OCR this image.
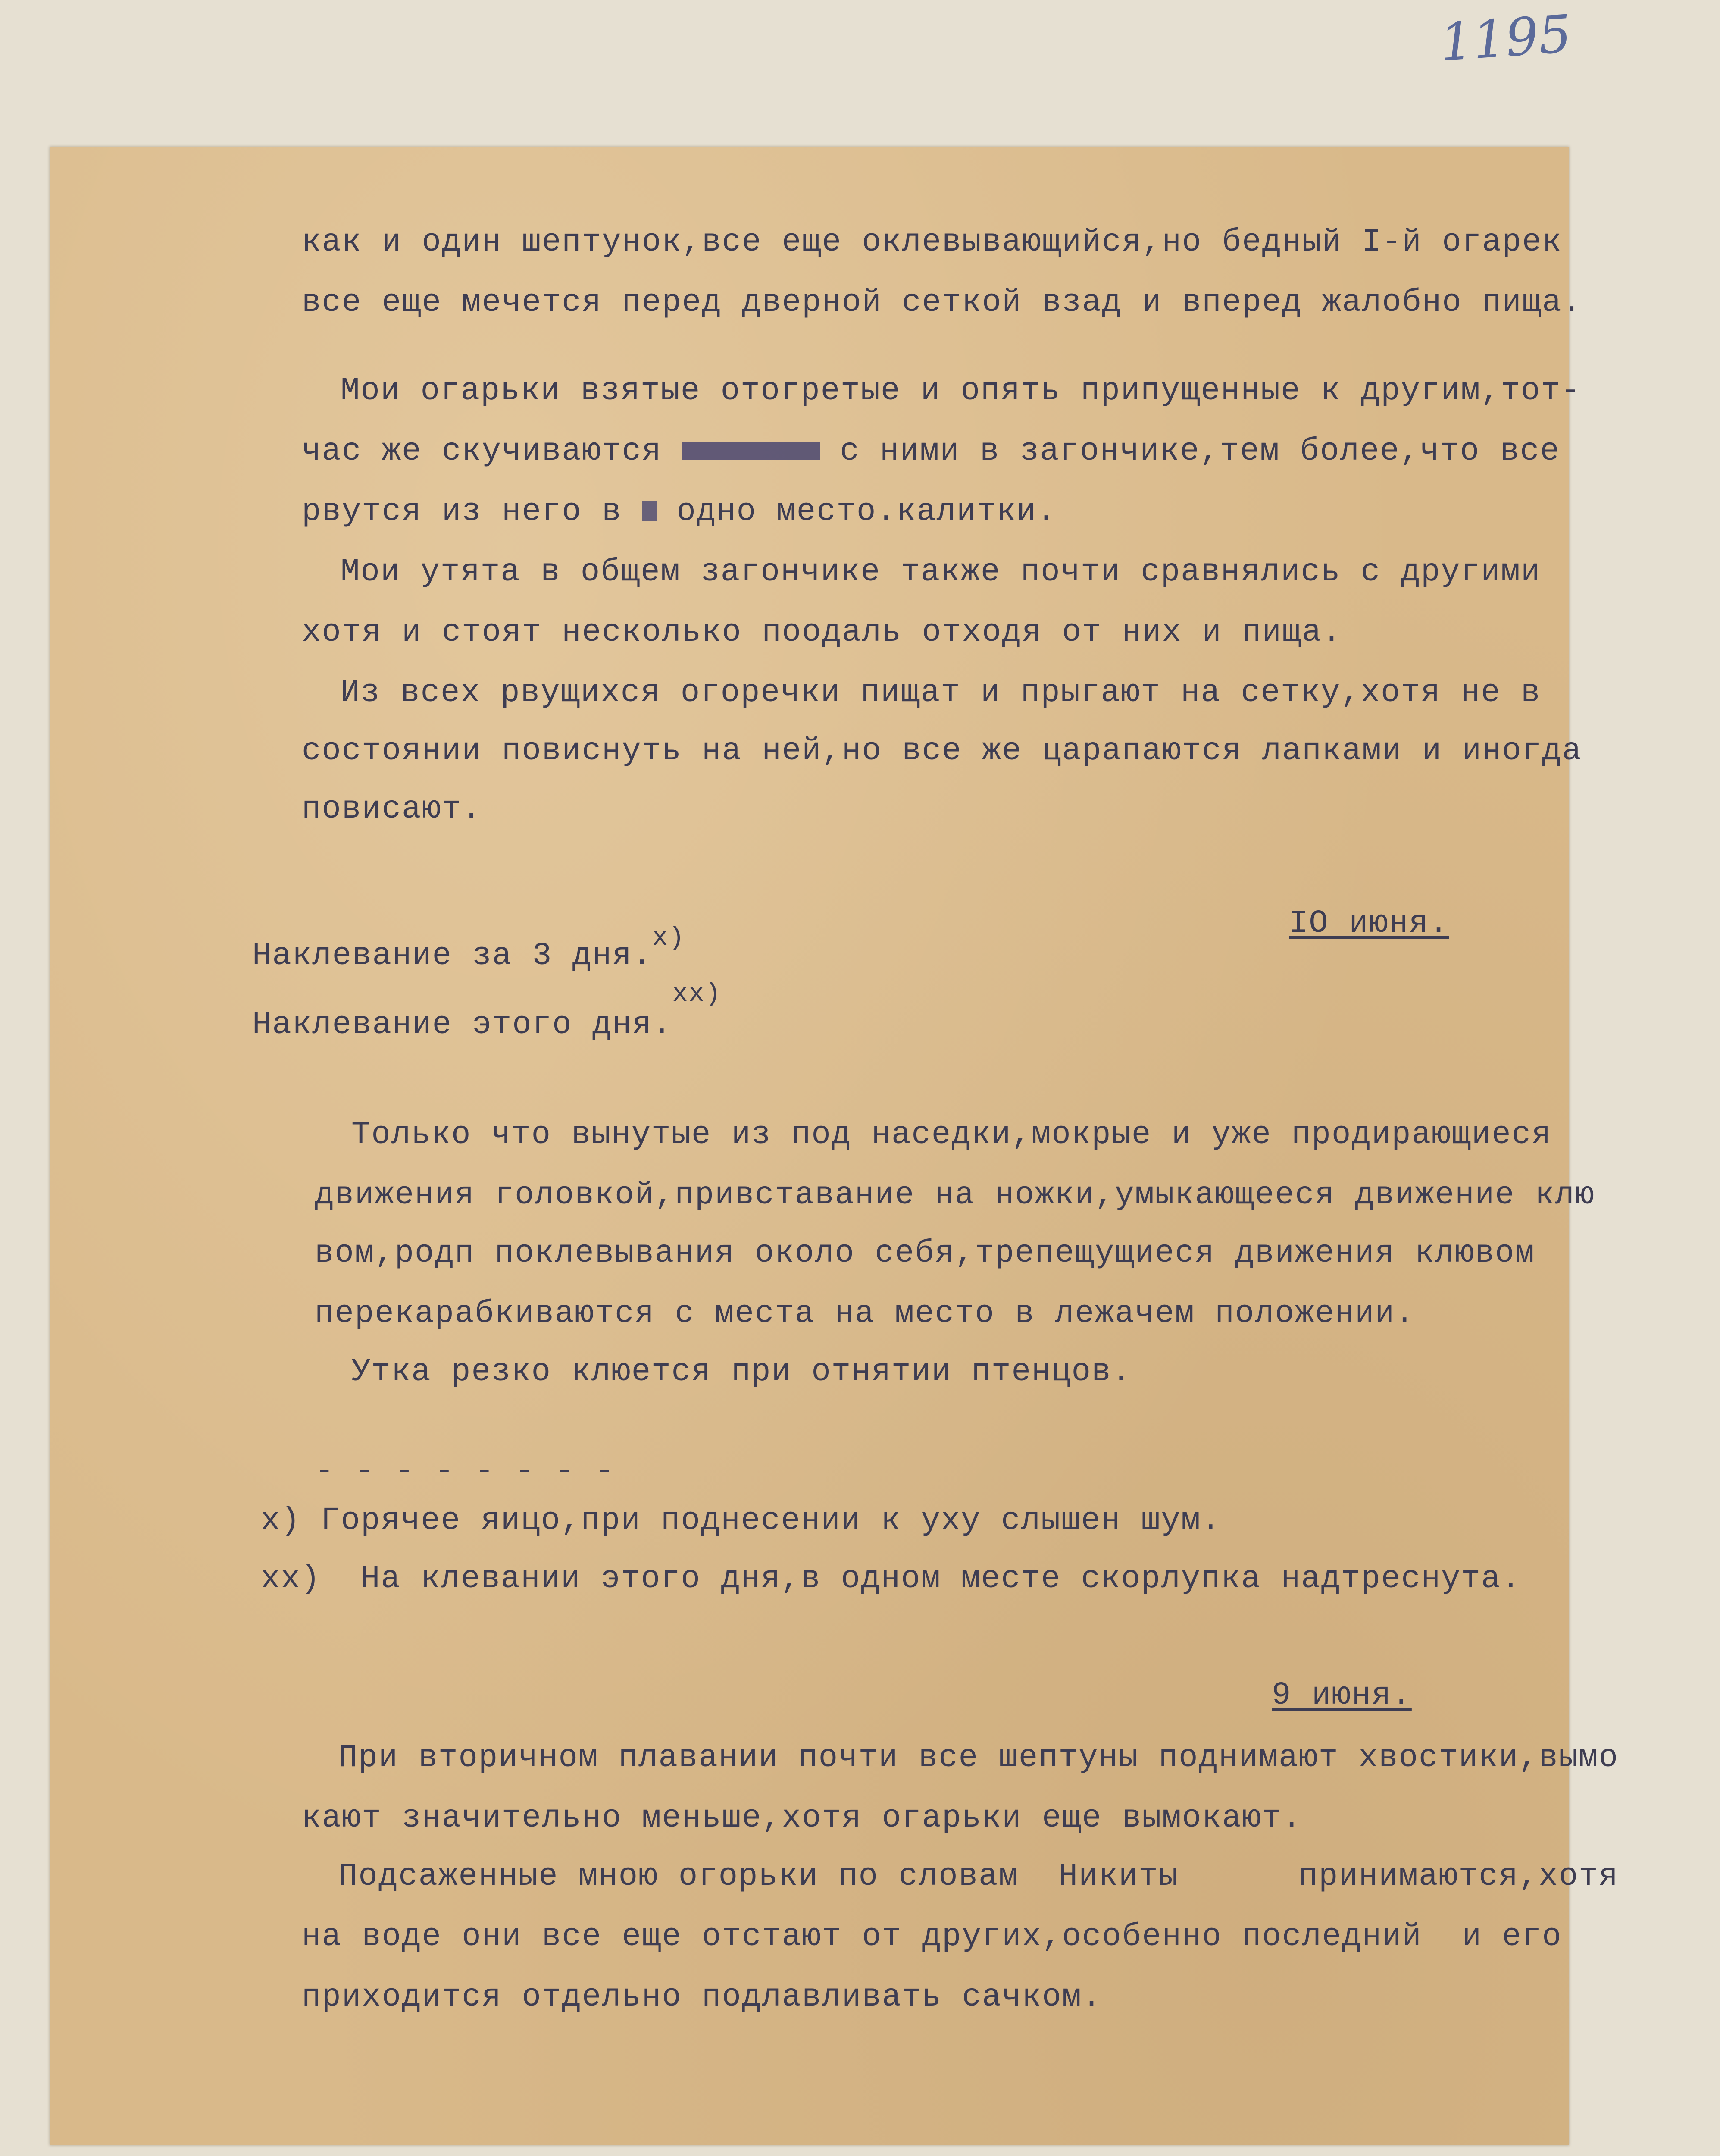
как и один шептунок,все еще оклевывающийся,но бедный I-й огарек
все еще мечется перед дверной сеткой взад и вперед жалобно пища.
Мои огарьки взятые отогретые и опять припущенные к другим,тот-
час же скучиваются	с ними в загончике,тем более,что все
рвутся из него в одно место.калитки.
Мои утята в общем загончике также почти сравнялись с другими
хотя и стоят несколько поодаль отходя от них и пища.
Из всех рвущихся огоречки пищат и прыгают на сетку,хотя не в
состоянии повиснуть на ней,но все же царапаются лапками и иногда
повисают.
IO июня.
Наклевание за 3 дня.$^{x)}$
Наклевание этого дня.$^{xx)}$
Только что вынутые из под наседки,мокрые и уже продирающиеся
движения головкой,привставание на ножки,умыкающееся движение клю
вом,родп поклевывания около себя,трепещущиеся движения клювом
перекарабкиваются с места на место в лежачем положении.
Утка резко клюется при отнятии птенцов.
- - - - - - - -
x) Горячее яицо,при поднесении к уху слышен шум.
xx)  На клевании этого дня,в одном месте скорлупка надтреснута.
9 июня.
При вторичном плавании почти все шептуны поднимают хвостики,вымо
кают значительно меньше,хотя огарьки еще вымокают.
Подсаженные мною огорьки по словам  Никиты      принимаются,хотя
на воде они все еще отстают от других,особенно последний  и его
приходится отдельно подлавливать сачком.
1195
